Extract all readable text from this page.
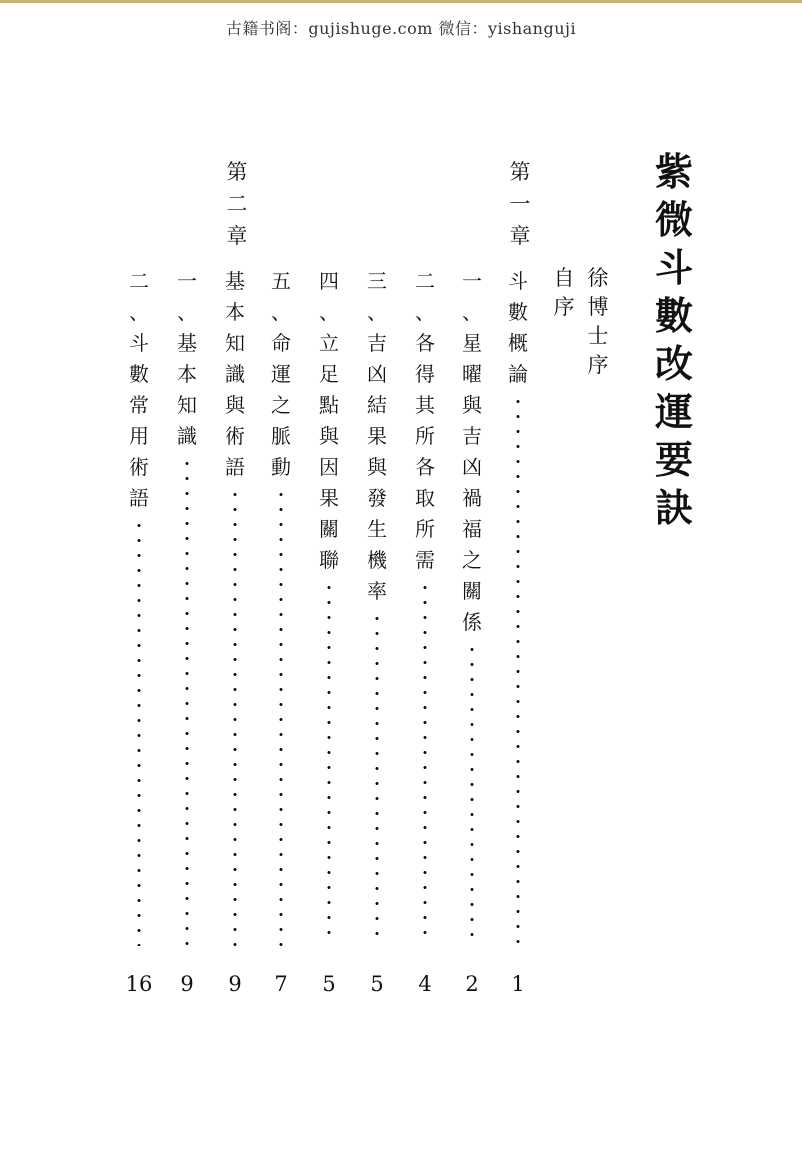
古籍书阁：gujishuge.com 微信：yishanguji
紫
微
斗
數
改
運
要
訣
徐
博
士
序
自
序
第
一
章
第
二
章
斗
數
概
論
一
、
星
曜
與
吉
凶
禍
福
之
關
係
二
、
各
得
其
所
各
取
所
需
三
、
吉
凶
結
果
與
發
生
機
率
四
、
立
足
點
與
因
果
關
聯
五
、
命
運
之
脈
動
基
本
知
識
與
術
語
一
、
基
本
知
識
二
、
斗
數
常
用
術
語
1
2
4
5
5
7
9
9
16
